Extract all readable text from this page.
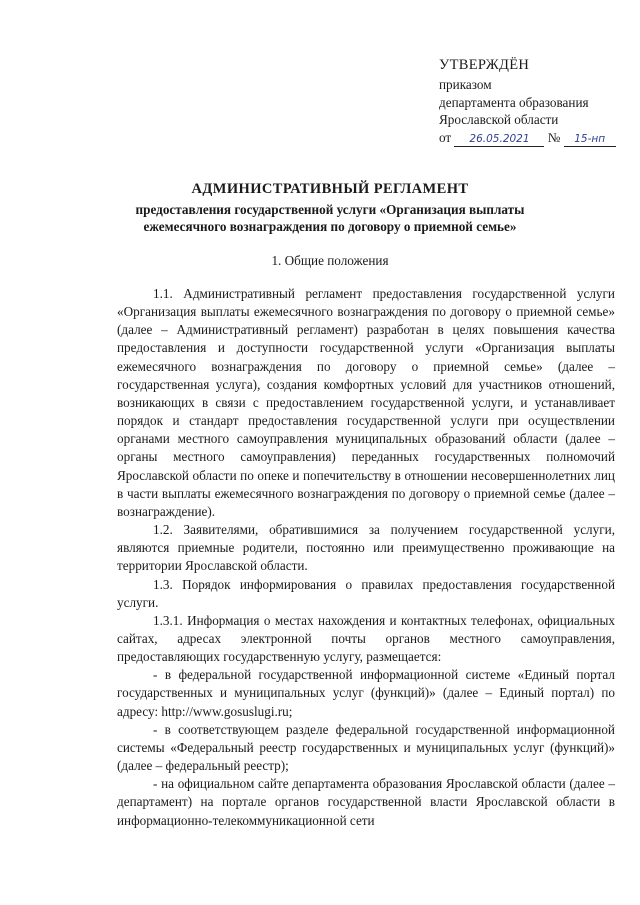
УТВЕРЖДЁН
приказом
департамента образования
Ярославской области
от 26.05.2021 № 15-нп
АДМИНИСТРАТИВНЫЙ РЕГЛАМЕНТ
предоставления государственной услуги «Организация выплаты
ежемесячного вознаграждения по договору о приемной семье»
1. Общие положения

1.1. Административный регламент предоставления государственной услуги «Организация выплаты ежемесячного вознаграждения по договору о приемной семье» (далее – Административный регламент) разработан в целях повышения качества предоставления и доступности государственной услуги «Организация выплаты ежемесячного вознаграждения по договору о приемной семье» (далее – государственная услуга), создания комфортных условий для участников отношений, возникающих в связи с предоставлением государственной услуги, и устанавливает порядок и стандарт предоставления государственной услуги при осуществлении органами местного самоуправления муниципальных образований области (далее – органы местного самоуправления) переданных государственных полномочий Ярославской области по опеке и попечительству в отношении несовершеннолетних лиц в части выплаты ежемесячного вознаграждения по договору о приемной семье (далее – вознаграждение).

1.2. Заявителями, обратившимися за получением государственной услуги, являются приемные родители, постоянно или преимущественно проживающие на территории Ярославской области.

1.3. Порядок информирования о правилах предоставления государственной услуги.

1.3.1. Информация о местах нахождения и контактных телефонах, официальных сайтах, адресах электронной почты органов местного самоуправления, предоставляющих государственную услугу, размещается:

- в федеральной государственной информационной системе «Единый портал государственных и муниципальных услуг (функций)» (далее – Единый портал) по адресу: http://www.gosuslugi.ru;

- в соответствующем разделе федеральной государственной информационной системы «Федеральный реестр государственных и муниципальных услуг (функций)» (далее – федеральный реестр);

- на официальном сайте департамента образования Ярославской области (далее – департамент) на портале органов государственной власти Ярославской области в информационно-телекоммуникационной сети
